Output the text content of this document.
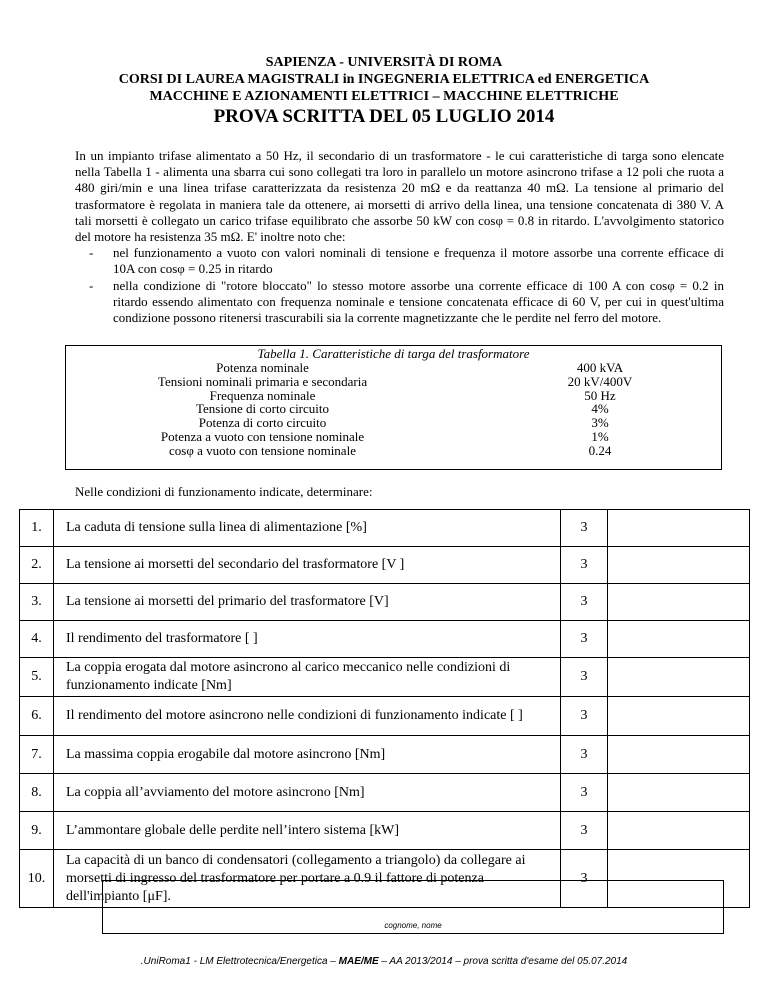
SAPIENZA - UNIVERSITÀ DI ROMA
CORSI DI LAUREA MAGISTRALI in INGEGNERIA ELETTRICA ed ENERGETICA
MACCHINE E AZIONAMENTI ELETTRICI – MACCHINE ELETTRICHE
PROVA SCRITTA DEL 05 LUGLIO 2014

In un impianto trifase alimentato a 50 Hz, il secondario di un trasformatore - le cui caratteristiche di targa sono elencate nella Tabella 1 - alimenta una sbarra cui sono collegati tra loro in parallelo un motore asincrono trifase a 12 poli che ruota a 480 giri/min e una linea trifase caratterizzata da resistenza 20 mΩ e da reattanza 40 mΩ. La tensione al primario del trasformatore è regolata in maniera tale da ottenere, ai morsetti di arrivo della linea, una tensione concatenata di 380 V. A tali morsetti è collegato un carico trifase equilibrato che assorbe 50 kW con cosφ = 0.8 in ritardo. L'avvolgimento statorico del motore ha resistenza 35 mΩ. E' inoltre noto che:

-	nel funzionamento a vuoto con valori nominali di tensione e frequenza il motore assorbe una corrente efficace di 10A con cosφ = 0.25 in ritardo
-	nella condizione di "rotore bloccato" lo stesso motore assorbe una corrente efficace di 100 A con cosφ = 0.2 in ritardo essendo alimentato con frequenza nominale e tensione concatenata efficace di 60 V, per cui in quest'ultima condizione possono ritenersi trascurabili sia la corrente magnetizzante che le perdite nel ferro del motore.
Tabella 1. Caratteristiche di targa del trasformatore
Potenza nominale	400 kVA
Tensioni nominali primaria e secondaria	20 kV/400V
Frequenza nominale	50 Hz
Tensione di corto circuito	4%
Potenza di corto circuito	3%
Potenza a vuoto con tensione nominale	1%
cosφ a vuoto con tensione nominale	0.24
Nelle condizioni di funzionamento indicate, determinare:
1.	La caduta di tensione sulla linea di alimentazione [%]	3	
2.	La tensione ai morsetti del secondario del trasformatore [V ]	3	
3.	La tensione ai morsetti del primario del trasformatore [V]	3	
4.	Il rendimento del trasformatore [ ]	3	
5.	La coppia erogata dal motore asincrono al carico meccanico nelle condizioni di funzionamento indicate [Nm]	3	
6.	Il rendimento del motore asincrono nelle condizioni di funzionamento indicate [ ]	3	
7.	La massima coppia erogabile dal motore asincrono [Nm]	3	
8.	La coppia all’avviamento del motore asincrono [Nm]	3	
9.	L’ammontare globale delle perdite nell’intero sistema [kW]	3	
10.	La capacità di un banco di condensatori (collegamento a triangolo) da collegare ai morsetti di ingresso del trasformatore per portare a 0.9 il fattore di potenza dell'impianto [μF].	3	
cognome, nome
.UniRoma1 - LM Elettrotecnica/Energetica – MAE/ME – AA 2013/2014 – prova scritta d'esame del 05.07.2014
